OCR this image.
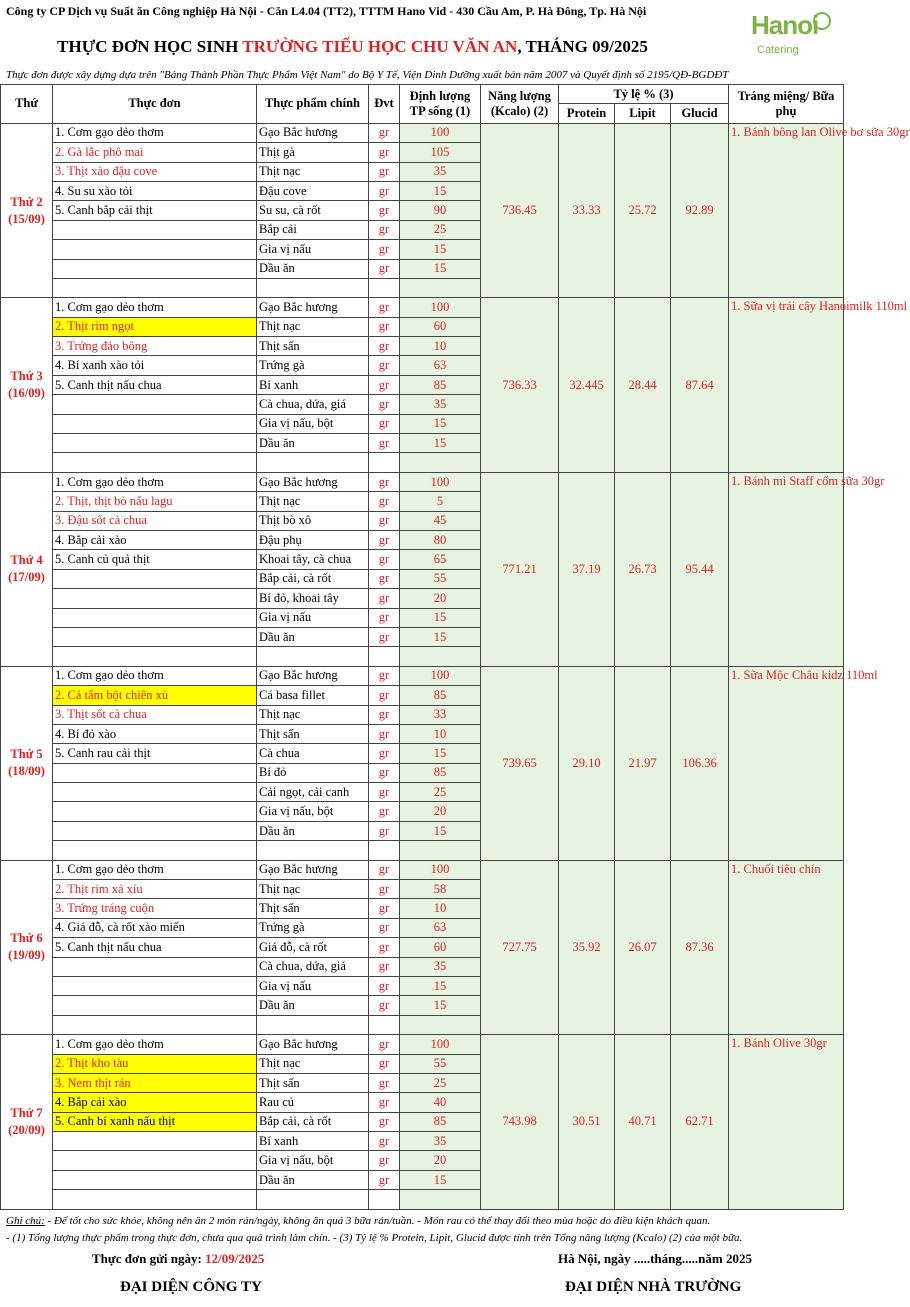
Công ty CP Dịch vụ Suất ăn Công nghiệp Hà Nội - Căn L4.04 (TT2), TTTM Hano Vid - 430 Cầu Am, P. Hà Đông, Tp. Hà Nội
THỰC ĐƠN HỌC SINH TRƯỜNG TIỂU HỌC CHU VĂN AN, THÁNG 09/2025
Hanoi
Catering
Thực đơn được xây dựng dựa trên "Bảng Thành Phần Thực Phẩm Việt Nam" do Bộ Y Tế, Viện Dinh Dưỡng xuất bản năm 2007 và Quyết định số 2195/QĐ-BGDĐT
Thứ	Thực đơn	Thực phẩm chính	Đvt	Định lượng TP sống (1)	Năng lượng (Kcalo) (2)	Tỷ lệ % (3)			Tráng miệng/ Bữa phụ
						Protein	Lipit	Glucid	

Thứ 2
(15/09)	1. Cơm gạo dẻo thơm	Gạo Bắc hương	gr	100	736.45	33.33	25.72	92.89	1. Bánh bông lan Olive bơ sữa 30gr
	2. Gà lắc phô mai	Thịt gà	gr	105					
	3. Thịt xào đậu cove	Thịt nạc	gr	35					
	4. Su su xào tỏi	Đậu cove	gr	15					
	5. Canh bắp cải thịt	Su su, cà rốt	gr	90					
		Bắp cải	gr	25					
		Gia vị nấu	gr	15					
		Dầu ăn	gr	15					

Thứ 3
(16/09)	1. Cơm gạo dẻo thơm	Gạo Bắc hương	gr	100	736.33	32.445	28.44	87.64	1. Sữa vị trái cây Hanoimilk 110ml
	2. Thịt rim ngọt	Thịt nạc	gr	60					
	3. Trứng đảo bông	Thịt sấn	gr	10					
	4. Bí xanh xào tỏi	Trứng gà	gr	63					
	5. Canh thịt nấu chua	Bí xanh	gr	85					
		Cà chua, dứa, giá	gr	35					
		Gia vị nấu, bột	gr	15					
		Dầu ăn	gr	15					

Thứ 4
(17/09)	1. Cơm gạo dẻo thơm	Gạo Bắc hương	gr	100	771.21	37.19	26.73	95.44	1. Bánh mì Staff cốm sữa 30gr
	2. Thịt, thịt bò nấu lagu	Thịt nạc	gr	5					
	3. Đậu sốt cà chua	Thịt bò xô	gr	45					
	4. Bắp cải xào	Đậu phụ	gr	80					
	5. Canh củ quả thịt	Khoai tây, cà chua	gr	65					
		Bắp cải, cà rốt	gr	55					
		Bí đỏ, khoai tây	gr	20					
		Gia vị nấu	gr	15					
		Dầu ăn	gr	15					

Thứ 5
(18/09)	1. Cơm gạo dẻo thơm	Gạo Bắc hương	gr	100	739.65	29.10	21.97	106.36	1. Sữa Mộc Châu kidz 110ml
	2. Cá tẩm bột chiên xù	Cá basa fillet	gr	85					
	3. Thịt sốt cà chua	Thịt nạc	gr	33					
	4. Bí đỏ xào	Thịt sấn	gr	10					
	5. Canh rau cải thịt	Cà chua	gr	15					
		Bí đỏ	gr	85					
		Cải ngọt, cải canh	gr	25					
		Gia vị nấu, bột	gr	20					
		Dầu ăn	gr	15					

Thứ 6
(19/09)	1. Cơm gạo dẻo thơm	Gạo Bắc hương	gr	100	727.75	35.92	26.07	87.36	1. Chuối tiêu chín
	2. Thịt rim xá xíu	Thịt nạc	gr	58					
	3. Trứng tráng cuộn	Thịt sấn	gr	10					
	4. Giá đỗ, cà rốt xào miến	Trứng gà	gr	63					
	5. Canh thịt nấu chua	Giá đỗ, cà rốt	gr	60					
		Cà chua, dứa, giá	gr	35					
		Gia vị nấu	gr	15					
		Dầu ăn	gr	15					

Thứ 7
(20/09)	1. Cơm gạo dẻo thơm	Gạo Bắc hương	gr	100	743.98	30.51	40.71	62.71	1. Bánh Olive 30gr
	2. Thịt kho tàu	Thịt nạc	gr	55					
	3. Nem thịt rán	Thịt sấn	gr	25					
	4. Bắp cải xào	Rau củ	gr	40					
	5. Canh bí xanh nấu thịt	Bắp cải, cà rốt	gr	85					
		Bí xanh	gr	35					
		Gia vị nấu, bột	gr	20					
		Dầu ăn	gr	15					

Ghi chú: - Để tốt cho sức khỏe, không nên ăn 2 món rán/ngày, không ăn quá 3 bữa rán/tuần. - Món rau có thể thay đổi theo mùa hoặc do điều kiện khách quan.
- (1) Tổng lượng thực phẩm trong thực đơn, chưa qua quá trình làm chín. - (3) Tỷ lệ % Protein, Lipit, Glucid được tính trên Tổng năng lượng (Kcalo) (2) của một bữa.
Thực đơn gửi ngày: 12/09/2025	Hà Nội, ngày .....tháng.....năm 2025
ĐẠI DIỆN CÔNG TY	ĐẠI DIỆN NHÀ TRƯỜNG
